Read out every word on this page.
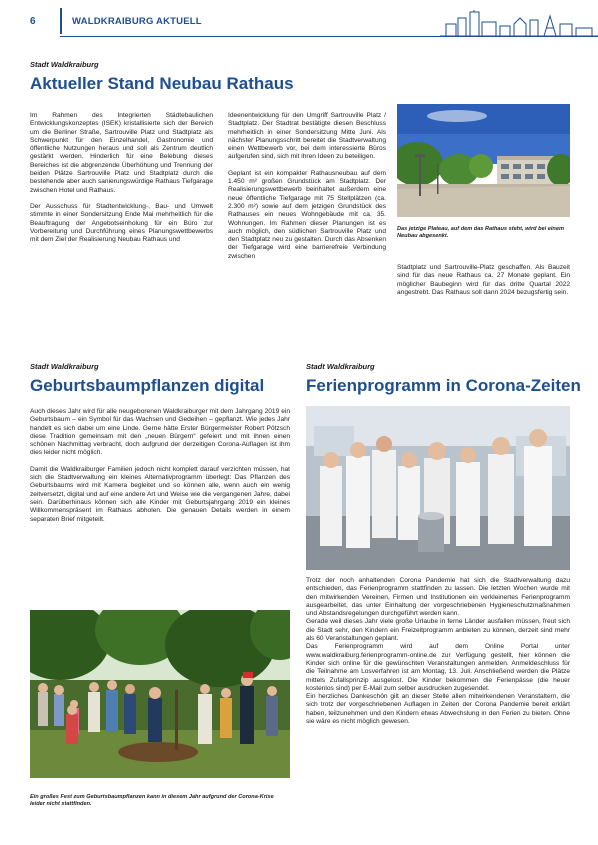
6	WALDKRAIBURG AKTUELL
Stadt Waldkraiburg
Aktueller Stand Neubau Rathaus

Im Rahmen des Integrierten Städtebaulichen Entwicklungskonzeptes (ISEK) kristallisierte sich der Bereich um die Berliner Straße, Sartrouville Platz und Stadtplatz als Schwerpunkt für den Einzelhandel, Gastronomie und öffentliche Nutzungen heraus und soll als Zentrum deutlich gestärkt werden. Hinderlich für eine Belebung dieses Bereiches ist die abgrenzende Überhöhung und Trennung der beiden Plätze Sartrouville Platz und Stadtplatz durch die bestehende aber auch sanierungswürdige Rathaus Tiefgarage zwischen Hotel und Rathaus.

Der Ausschuss für Stadtentwicklung-, Bau- und Umwelt stimmte in einer Sondersitzung Ende Mai mehrheitlich für die Beauftragung der Angebotseinholung für ein Büro zur Vorbereitung und Durchführung eines Planungswettbewerbs mit dem Ziel der Realisierung Neubau Rathaus und

Ideenentwicklung für den Umgriff Sartrouville Platz / Stadtplatz. Der Stadtrat bestätigte diesen Beschluss mehrheitlich in einer Sondersitzung Mitte Juni. Als nächster Planungsschritt bereitet die Stadtverwaltung einen Wettbewerb vor, bei dem interessierte Büros aufgerufen sind, sich mit ihren Ideen zu beteiligen.

Geplant ist ein kompakter Rathausneubau auf dem 1.450 m² großen Grundstück am Stadtplatz. Der Realisierungswettbewerb beinhaltet außerdem eine neue öffentliche Tiefgarage mit 75 Stellplätzen (ca. 2.300 m²) sowie auf dem jetzigen Grundstück des Rathauses ein neues Wohngebäude mit ca. 35. Wohnungen. Im Rahmen dieser Planungen ist es auch möglich, den südlichen Sartrouville Platz und den Stadtplatz neu zu gestalten. Durch das Absenken der Tiefgarage wird eine barrierefreie Verbindung zwischen

Das jetzige Plateau, auf dem das Rathaus steht, wird bei einem Neubau abgesenkt.

Stadtplatz und Sartrouville-Platz geschaffen. Als Bauzeit sind für das neue Rathaus ca. 27 Monate geplant. Ein möglicher Baubeginn wird für das dritte Quartal 2022 angestrebt. Das Rathaus soll dann 2024 bezugsfertig sein.

Stadt Waldkraiburg
Geburtsbaumpflanzen digital

Auch dieses Jahr wird für alle neugeborenen Waldkraiburger mit dem Jahrgang 2019 ein Geburtsbaum – ein Symbol für das Wachsen und Gedeihen – gepflanzt. Wie jedes Jahr handelt es sich dabei um eine Linde. Gerne hätte Erster Bürgermeister Robert Pötzsch diese Tradition gemeinsam mit den „neuen Bürgern“ gefeiert und mit ihnen einen schönen Nachmittag verbracht, doch aufgrund der derzeitigen Corona-Auflagen ist ihm dies leider nicht möglich.

Damit die Waldkraiburger Familien jedoch nicht komplett darauf verzichten müssen, hat sich die Stadtverwaltung ein kleines Alternativprogramm überlegt: Das Pflanzen des Geburtsbaums wird mit Kamera begleitet und so können alle, wenn auch ein wenig zeitversetzt, digital und auf eine andere Art und Weise wie die vergangenen Jahre, dabei sein. Darüberhinaus können sich alle Kinder mit Geburtsjahrgang 2019 ein kleines Willkommenspräsent im Rathaus abholen. Die genauen Details werden in einem separaten Brief mitgeteilt.

Ein großes Fest zum Geburtsbaumpflanzen kann in diesem Jahr aufgrund der Corona-Krise leider nicht stattfinden.
Stadt Waldkraiburg
Ferienprogramm in Corona-Zeiten

Trotz der noch anhaltenden Corona Pandemie hat sich die Stadtverwaltung dazu entschieden, das Ferienprogramm stattfinden zu lassen. Die letzten Wochen wurde mit den mitwirkenden Vereinen, Firmen und Institutionen ein verkleinertes Ferienprogramm ausgearbeitet, das unter Einhaltung der vorgeschriebenen Hygieneschutzmaßnahmen und Abstandsregelungen durchgeführt werden kann.

Gerade weil dieses Jahr viele große Urlaube in ferne Länder ausfallen müssen, freut sich die Stadt sehr, den Kindern ein Freizeitprogramm anbieten zu können, derzeit sind mehr als 60 Veranstaltungen geplant.

Das Ferienprogramm wird auf dem Online Portal unter www.waldkraiburg.ferienprogramm-online.de zur Verfügung gestellt, hier können die Kinder sich online für die gewünschten Veranstaltungen anmelden. Anmeldeschluss für die Teilnahme am Losverfahren ist am Montag, 13. Juli. Anschließend werden die Plätze mittels Zufallsprinzip ausgelost. Die Kinder bekommen die Ferienpässe (die heuer kostenlos sind) per E-Mail zum selber ausdrucken zugesendet.

Ein herzliches Dankeschön gilt an dieser Stelle allen mitwirkendenen Veranstaltern, die sich trotz der vorgeschriebenen Auflagen in Zeiten der Corona Pandemie bereit erklärt haben, teilzunehmen und den Kindern etwas Abwechslung in den Ferien zu bieten. Ohne sie wäre es nicht möglich gewesen.
